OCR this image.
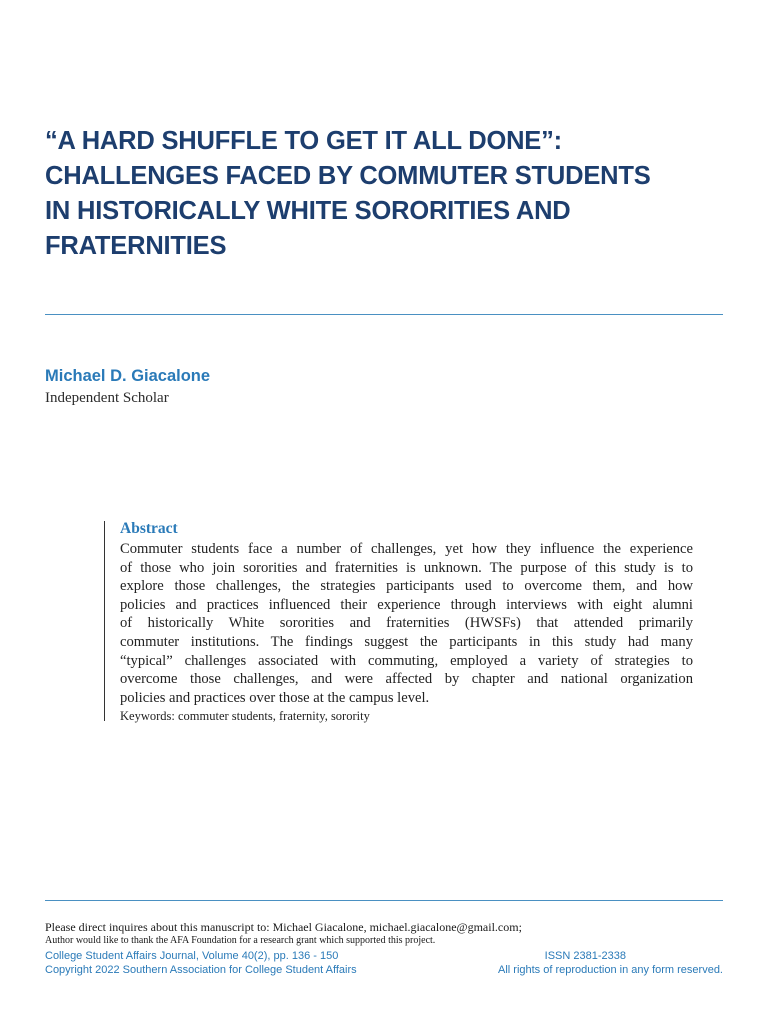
“A HARD SHUFFLE TO GET IT ALL DONE”:
CHALLENGES FACED BY COMMUTER STUDENTS
IN HISTORICALLY WHITE SORORITIES AND
FRATERNITIES
Michael D. Giacalone
Independent Scholar
Abstract
Commuter students face a number of challenges, yet how they influence the experience
of those who join sororities and fraternities is unknown. The purpose of this study is to
explore those challenges, the strategies participants used to overcome them, and how
policies and practices influenced their experience through interviews with eight alumni
of historically White sororities and fraternities (HWSFs) that attended primarily
commuter institutions. The findings suggest the participants in this study had many
“typical” challenges associated with commuting, employed a variety of strategies to
overcome those challenges, and were affected by chapter and national organization
policies and practices over those at the campus level.
Keywords: commuter students, fraternity, sorority
Please direct inquires about this manuscript to: Michael Giacalone, michael.giacalone@gmail.com;
Author would like to thank the AFA Foundation for a research grant which supported this project.
College Student Affairs Journal, Volume 40(2), pp. 136 - 150	ISSN 2381-2338
Copyright 2022 Southern Association for College Student Affairs	All rights of reproduction in any form reserved.
